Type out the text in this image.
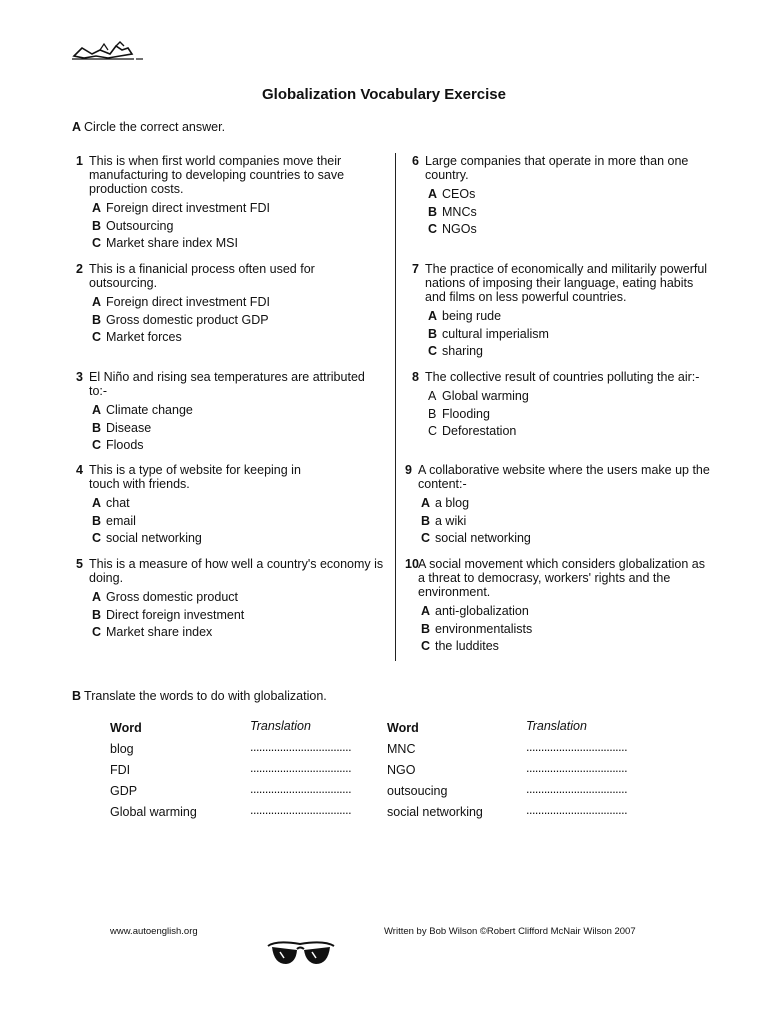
Globalization Vocabulary Exercise
A Circle the correct answer.
1 This is when first world companies move their manufacturing to developing countries to save production costs.
A Foreign direct investment FDI
B Outsourcing
C Market share index MSI
2 This is a finanicial process often used for outsourcing.
A Foreign direct investment FDI
B Gross domestic product GDP
C Market forces
3 El Niño and rising sea temperatures are attributed to:-
A Climate change
B Disease
C Floods
4 This is a type of website for keeping in touch with friends.
A chat
B email
C social networking
5 This is a measure of how well a country's economy is doing.
A Gross domestic product
B Direct foreign investment
C Market share index
6 Large companies that operate in more than one country.
A CEOs
B MNCs
C NGOs
7 The practice of economically and militarily powerful nations of imposing their language, eating habits and films on less powerful countries.
A being rude
B cultural imperialism
C sharing
8 The collective result of countries polluting the air:-
A Global warming
B Flooding
C Deforestation
9 A collaborative website where the users make up the content:-
A a blog
B a wiki
C social networking
10 A social movement which considers globalization as a threat to democrasy, workers' rights and the environment.
A anti-globalization
B environmentalists
C the luddites
B Translate the words to do with globalization.
Word
blog
FDI
GDP
Global warming
Translation
..................................
..................................
..................................
..................................
Word
MNC
NGO
outsoucing
social networking
Translation
..................................
..................................
..................................
..................................
www.autoenglish.org	Written by Bob Wilson ©Robert Clifford McNair Wilson 2007
